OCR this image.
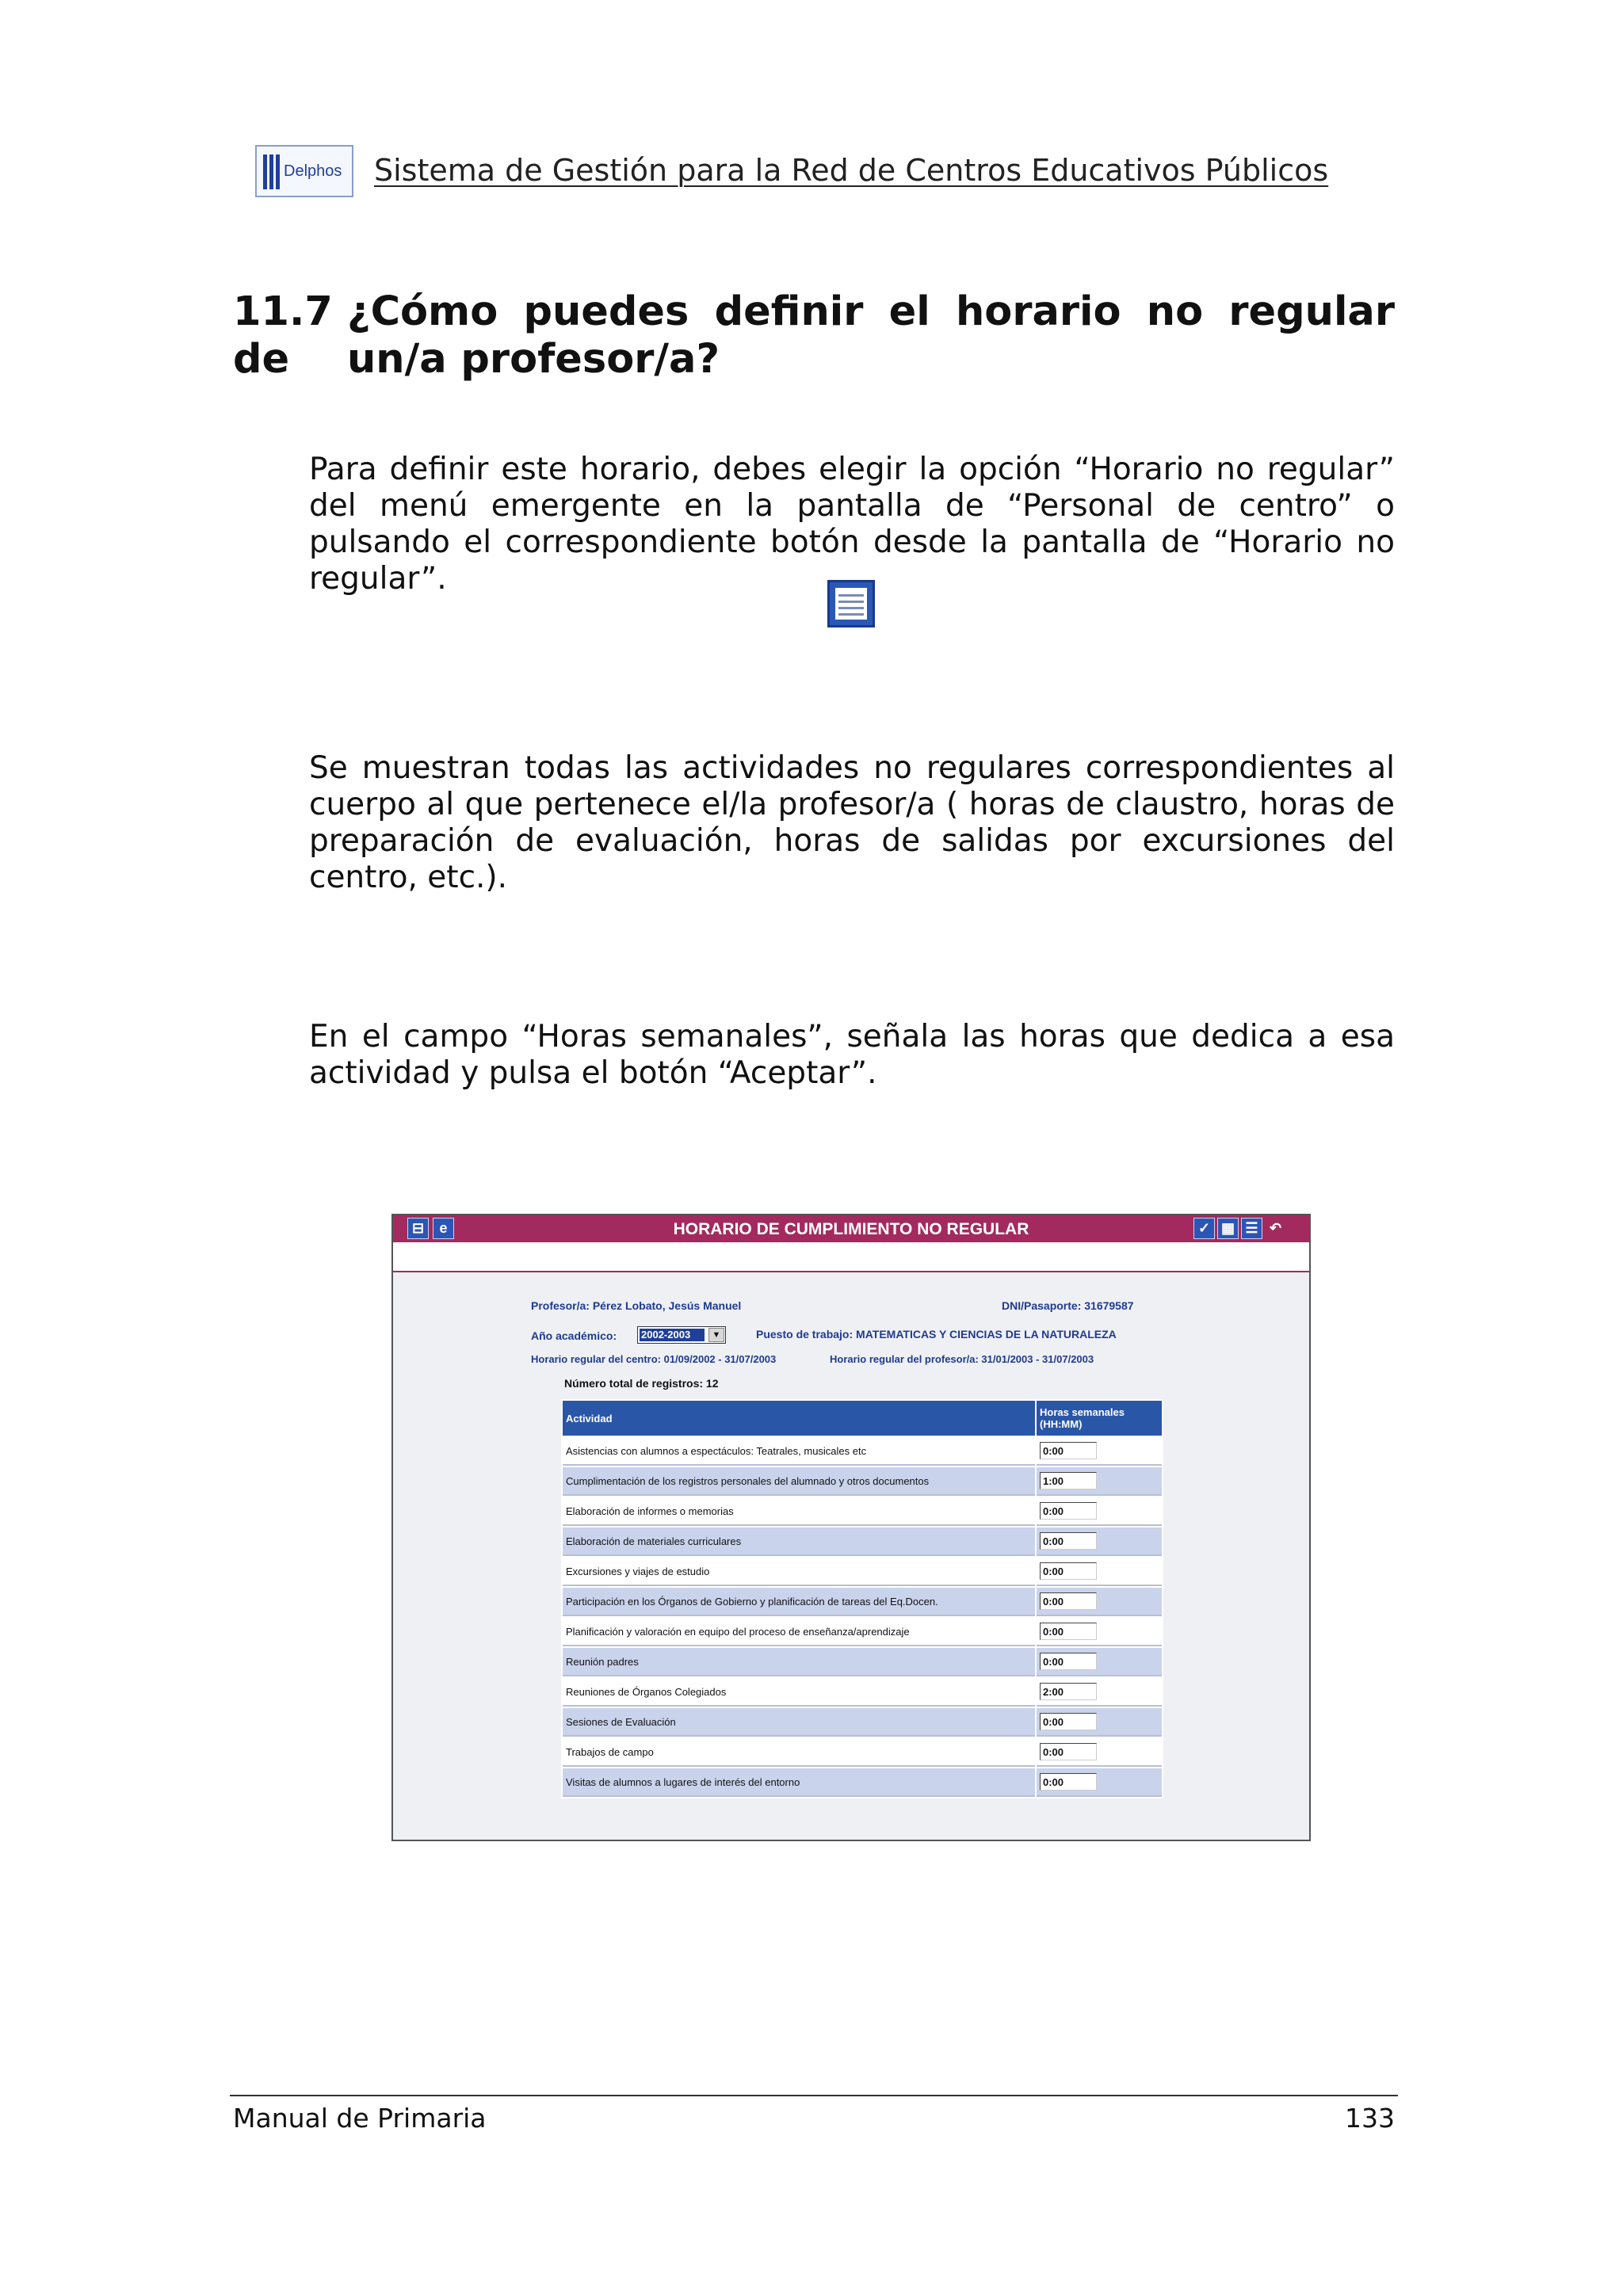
Delphos Sistema de Gestión para la Red de Centros Educativos Públicos
11.7 ¿Cómo puedes definir el horario no regular de	un/a profesor/a?

Para definir este horario, debes elegir la opción “Horario no regular” del menú emergente en la pantalla de “Personal de centro” o pulsando el correspondiente botón desde la pantalla de “Horario no regular”.

Se muestran todas las actividades no regulares correspondientes al cuerpo al que pertenece el/la profesor/a ( horas de claustro, horas de preparación de evaluación, horas de salidas por excursiones del centro, etc.).

En el campo “Horas semanales”, señala las horas que dedica a esa actividad y pulsa el botón “Aceptar”.

⊟	e	HORARIO DE CUMPLIMIENTO NO REGULAR	✓ ▦ ☰ ↶
Profesor/a: Pérez Lobato, Jesús Manuel	DNI/Pasaporte: 31679587
Año académico: 2002-2003	▼	Puesto de trabajo: MATEMATICAS Y CIENCIAS DE LA NATURALEZA
Horario regular del centro: 01/09/2002 - 31/07/2003	Horario regular del profesor/a: 31/01/2003 - 31/07/2003
Número total de registros: 12
Actividad	Horas semanales (HH:MM)
Asistencias con alumnos a espectáculos: Teatrales, musicales etc	0:00
Cumplimentación de los registros personales del alumnado y otros documentos	1:00
Elaboración de informes o memorias	0:00
Elaboración de materiales curriculares	0:00
Excursiones y viajes de estudio	0:00
Participación en los Órganos de Gobierno y planificación de tareas del Eq.Docen.	0:00
Planificación y valoración en equipo del proceso de enseñanza/aprendizaje	0:00
Reunión padres	0:00
Reuniones de Órganos Colegiados	2:00
Sesiones de Evaluación	0:00
Trabajos de campo	0:00
Visitas de alumnos a lugares de interés del entorno	0:00
Manual de Primaria	133
